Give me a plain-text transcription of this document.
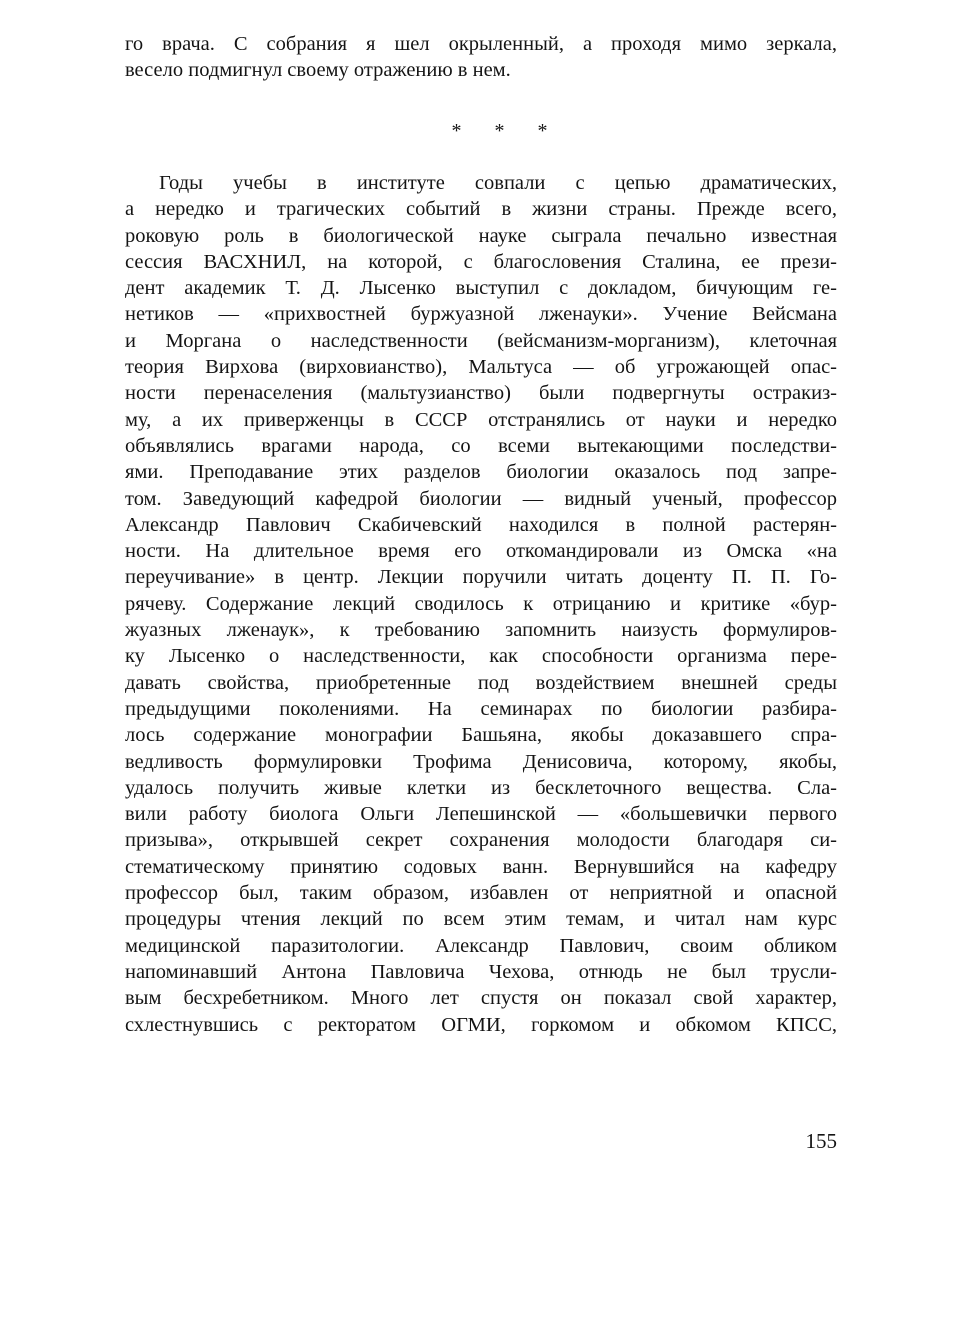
го врача. С собрания я шел окрыленный, а проходя мимо зеркала,
весело подмигнул своему отражению в нем.
* * *
Годы учебы в институте совпали с цепью драматических,
а нередко и трагических событий в жизни страны. Прежде всего,
роковую роль в биологической науке сыграла печально известная
сессия ВАСХНИЛ, на которой, с благословения Сталина, ее прези-
дент академик Т. Д. Лысенко выступил с докладом, бичующим ге-
нетиков — «прихвостней буржуазной лженауки». Учение Вейсмана
и Моргана о наследственности (вейсманизм-морганизм), клеточная
теория Вирхова (вирховианство), Мальтуса — об угрожающей опас-
ности перенаселения (мальтузианство) были подвергнуты остракиз-
му, а их приверженцы в СССР отстранялись от науки и нередко
объявлялись врагами народа, со всеми вытекающими последстви-
ями. Преподавание этих разделов биологии оказалось под запре-
том. Заведующий кафедрой биологии — видный ученый, профессор
Александр Павлович Скабичевский находился в полной растерян-
ности. На длительное время его откомандировали из Омска «на
переучивание» в центр. Лекции поручили читать доценту П. П. Го-
рячеву. Содержание лекций сводилось к отрицанию и критике «бур-
жуазных лженаук», к требованию запомнить наизусть формулиров-
ку Лысенко о наследственности, как способности организма пере-
давать свойства, приобретенные под воздействием внешней среды
предыдущими поколениями. На семинарах по биологии разбира-
лось содержание монографии Башьяна, якобы доказавшего спра-
ведливость формулировки Трофима Денисовича, которому, якобы,
удалось получить живые клетки из бесклеточного вещества. Сла-
вили работу биолога Ольги Лепешинской — «большевички первого
призыва», открывшей секрет сохранения молодости благодаря си-
стематическому принятию содовых ванн. Вернувшийся на кафедру
профессор был, таким образом, избавлен от неприятной и опасной
процедуры чтения лекций по всем этим темам, и читал нам курс
медицинской паразитологии. Александр Павлович, своим обликом
напоминавший Антона Павловича Чехова, отнюдь не был трусли-
вым бесхребетником. Много лет спустя он показал свой характер,
схлестнувшись с ректоратом ОГМИ, горкомом и обкомом КПСС,
155
